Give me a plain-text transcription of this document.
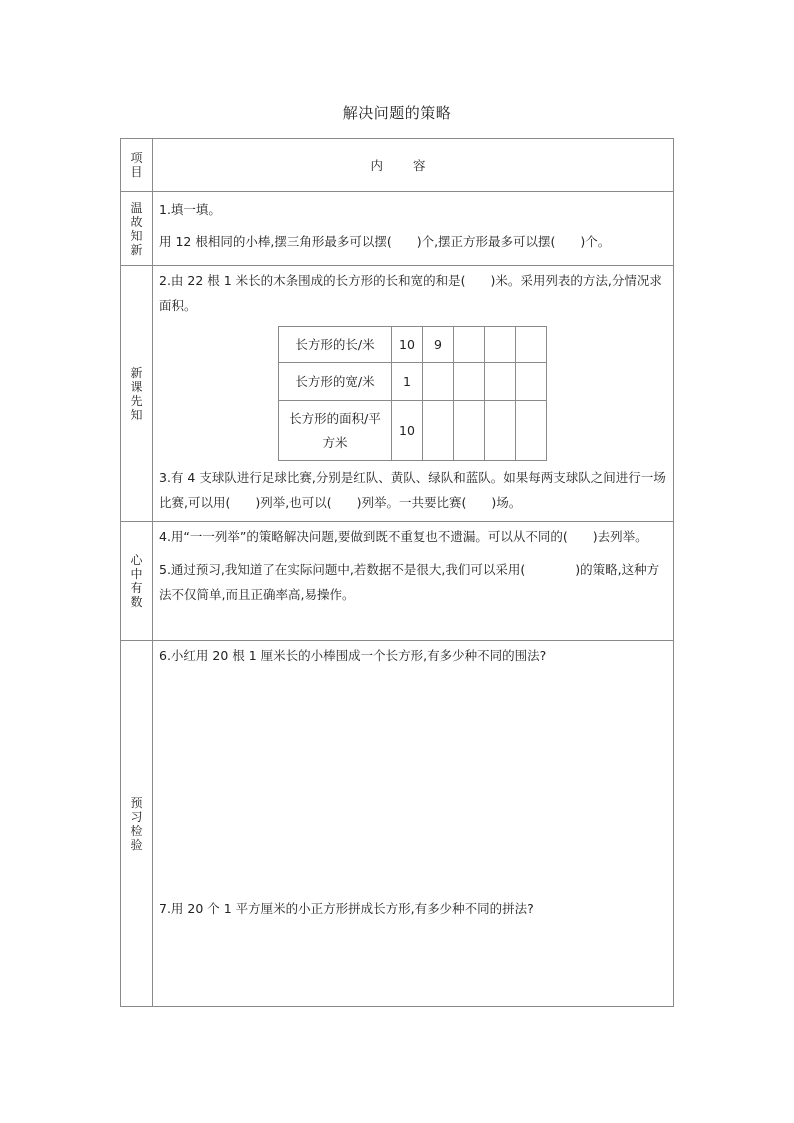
解决问题的策略
项目	内容

温故知新

1.填一填。

用 12 根相同的小棒,摆三角形最多可以摆(　　)个,摆正方形最多可以摆(　　)个。

新课先知

2.由 22 根 1 米长的木条围成的长方形的长和宽的和是(　　)米。采用列表的方法,分情况求面积。

长方形的长/米	10	9			
长方形的宽/米	1				
长方形的面积/平方米	10				

3.有 4 支球队进行足球比赛,分别是红队、黄队、绿队和蓝队。如果每两支球队之间进行一场比赛,可以用(　　)列举,也可以(　　)列举。一共要比赛(　　)场。

心中有数

4.用“一一列举”的策略解决问题,要做到既不重复也不遗漏。可以从不同的(　　)去列举。

5.通过预习,我知道了在实际问题中,若数据不是很大,我们可以采用(　　　　)的策略,这种方法不仅简单,而且正确率高,易操作。

预习检验

6.小红用 20 根 1 厘米长的小棒围成一个长方形,有多少种不同的围法?

7.用 20 个 1 平方厘米的小正方形拼成长方形,有多少种不同的拼法?
